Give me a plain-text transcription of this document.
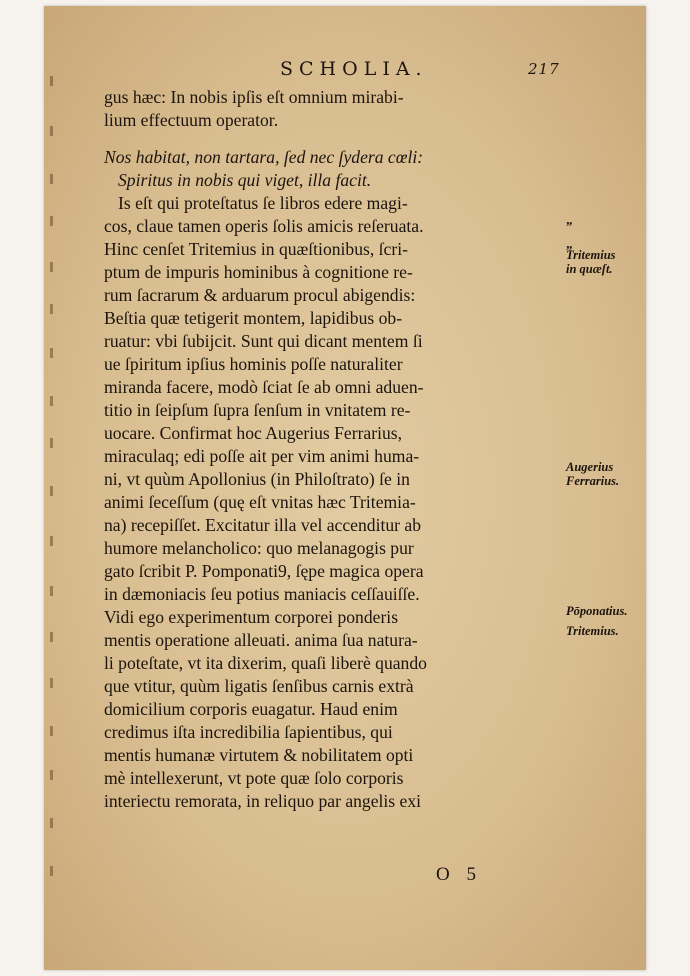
SCHOLIA.	217
gus hæc: In nobis ipſis eſt omnium mirabi-
lium effectuum operator.
Nos habitat, non tartara, ſed nec ſydera cœli:
Spiritus in nobis qui viget, illa facit.
Is eſt qui proteſtatus ſe libros edere magi-
cos, claue tamen operis ſolis amicis reſeruata.
Hinc cenſet Tritemius in quæſtionibus, ſcri-
ptum de impuris hominibus à cognitione re-
rum ſacrarum & arduarum procul abigendis:
Beſtia quæ tetigerit montem, lapidibus ob-
ruatur: vbi ſubijcit. Sunt qui dicant mentem ſi
ue ſpiritum ipſius hominis poſſe naturaliter
miranda facere, modò ſciat ſe ab omni aduen-
titio in ſeipſum ſupra ſenſum in vnitatem re-
uocare. Confirmat hoc Augerius Ferrarius,
miraculaq; edi poſſe ait per vim animi huma-
ni, vt quùm Apollonius (in Philoſtrato) ſe in
animi ſeceſſum (quę eſt vnitas hæc Tritemia-
na) recepiſſet. Excitatur illa vel accenditur ab
humore melancholico: quo melanagogis pur
gato ſcribit P. Pomponati9, ſępe magica opera
in dæmoniacis ſeu potius maniacis ceſſauiſſe.
Vidi ego experimentum corporei ponderis
mentis operatione alleuati. anima ſua natura-
li poteſtate, vt ita dixerim, quaſi liberè quando
que vtitur, quùm ligatis ſenſibus carnis extrà
domicilium corporis euagatur. Haud enim
credimus iſta incredibilia ſapientibus, qui
mentis humanæ virtutem & nobilitatem opti
mè intellexerunt, vt pote quæ ſolo corporis
interiectu remorata, in reliquo par angelis exi
„
„
Tritemius in quæſt.
Augerius Ferrarius.
Pōponatius.
Tritemius.
O 5
